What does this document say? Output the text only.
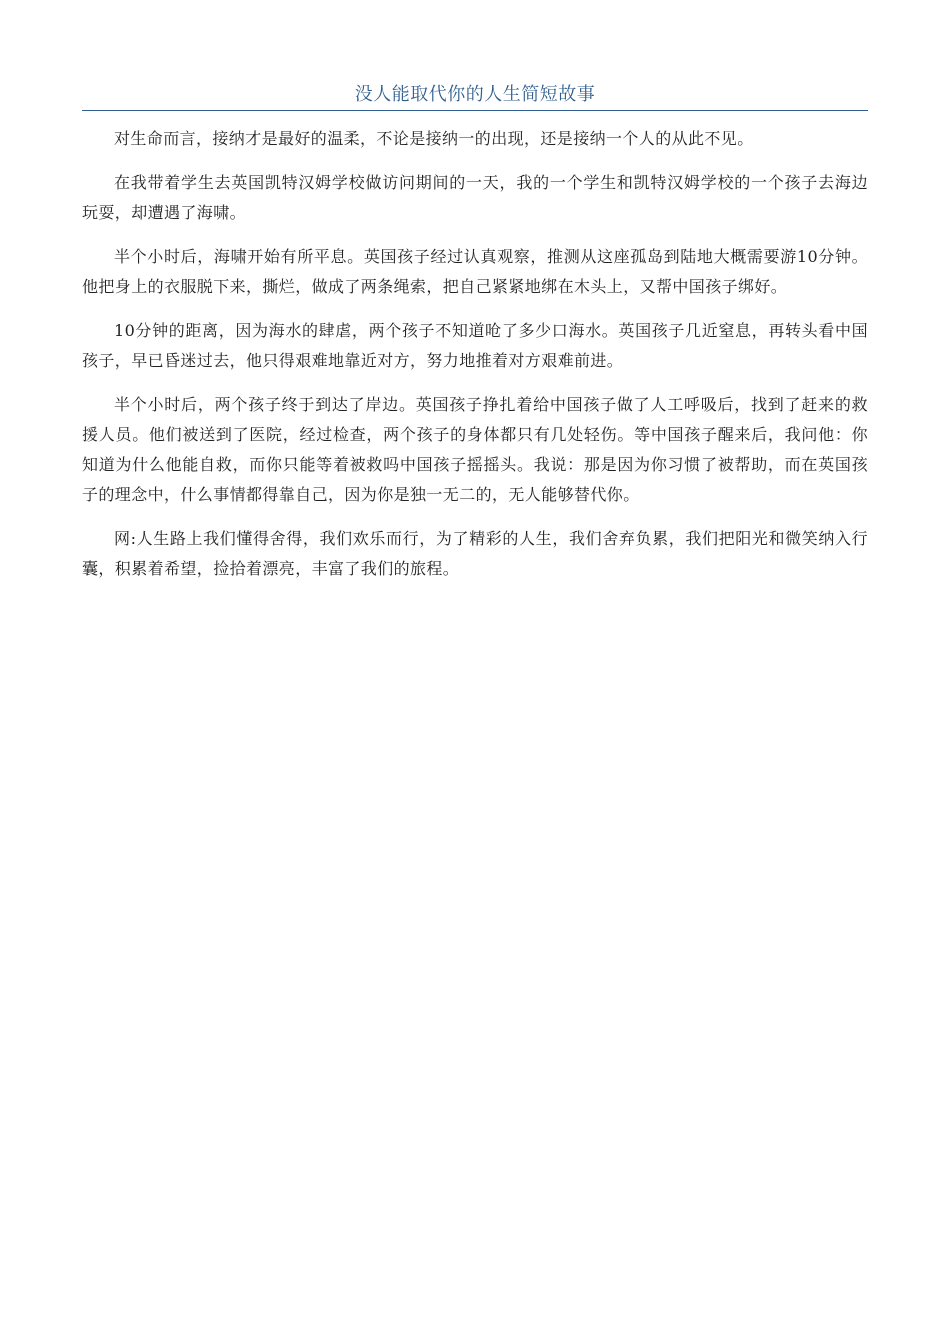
没人能取代你的人生简短故事

对生命而言，接纳才是最好的温柔，不论是接纳一的出现，还是接纳一个人的从此不见。

在我带着学生去英国凯特汉姆学校做访问期间的一天，我的一个学生和凯特汉姆学校的一个孩子去海边玩耍，却遭遇了海啸。

半个小时后，海啸开始有所平息。英国孩子经过认真观察，推测从这座孤岛到陆地大概需要游10分钟。他把身上的衣服脱下来，撕烂，做成了两条绳索，把自己紧紧地绑在木头上，又帮中国孩子绑好。

10分钟的距离，因为海水的肆虐，两个孩子不知道呛了多少口海水。英国孩子几近窒息，再转头看中国孩子，早已昏迷过去，他只得艰难地靠近对方，努力地推着对方艰难前进。

半个小时后，两个孩子终于到达了岸边。英国孩子挣扎着给中国孩子做了人工呼吸后，找到了赶来的救援人员。他们被送到了医院，经过检查，两个孩子的身体都只有几处轻伤。等中国孩子醒来后，我问他：你知道为什么他能自救，而你只能等着被救吗中国孩子摇摇头。我说：那是因为你习惯了被帮助，而在英国孩子的理念中，什么事情都得靠自己，因为你是独一无二的，无人能够替代你。

网:人生路上我们懂得舍得，我们欢乐而行，为了精彩的人生，我们舍弃负累，我们把阳光和微笑纳入行囊，积累着希望，捡拾着漂亮，丰富了我们的旅程。
